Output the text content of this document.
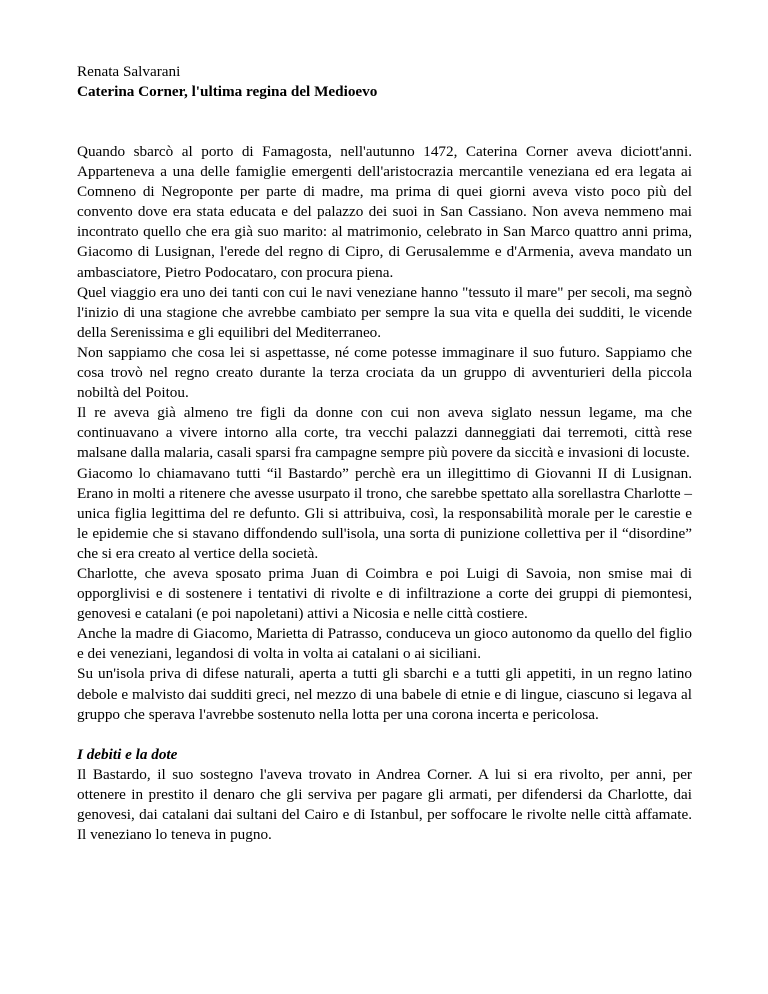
Renata Salvarani

Caterina Corner, l'ultima regina del Medioevo

Quando sbarcò al porto di Famagosta, nell'autunno 1472, Caterina Corner aveva diciott'anni. Apparteneva a una delle famiglie emergenti dell'aristocrazia mercantile veneziana ed era legata ai Comneno di Negroponte per parte di madre, ma prima di quei giorni aveva visto poco più del convento dove era stata educata e del palazzo dei suoi in San Cassiano. Non aveva nemmeno mai incontrato quello che era già suo marito: al matrimonio, celebrato in San Marco quattro anni prima, Giacomo di Lusignan, l'erede del regno di Cipro, di Gerusalemme e d'Armenia, aveva mandato un ambasciatore, Pietro Podocataro, con procura piena.

Quel viaggio era uno dei tanti con cui le navi veneziane hanno "tessuto il mare" per secoli, ma segnò l'inizio di una stagione che avrebbe cambiato per sempre la sua vita e quella dei sudditi, le vicende della Serenissima e gli equilibri del Mediterraneo.

Non sappiamo che cosa lei si aspettasse, né come potesse immaginare il suo futuro. Sappiamo che cosa trovò nel regno creato durante la terza crociata da un gruppo di avventurieri della piccola nobiltà del Poitou.

Il re aveva già almeno tre figli da donne con cui non aveva siglato nessun legame, ma che continuavano a vivere intorno alla corte, tra vecchi palazzi danneggiati dai terremoti, città rese malsane dalla malaria, casali sparsi fra campagne sempre più povere da siccità e invasioni di locuste.

Giacomo lo chiamavano tutti “il Bastardo” perchè era un illegittimo di Giovanni II di Lusignan. Erano in molti a ritenere che avesse usurpato il trono, che sarebbe spettato alla sorellastra Charlotte – unica figlia legittima del re defunto. Gli si attribuiva, così, la responsabilità morale per le carestie e le epidemie che si stavano diffondendo sull'isola, una sorta di punizione collettiva per il “disordine” che si era creato al vertice della società.

Charlotte, che aveva sposato prima Juan di Coimbra e poi Luigi di Savoia, non smise mai di opporglivisi e di sostenere i tentativi di rivolte e di infiltrazione a corte dei gruppi di piemontesi, genovesi e catalani (e poi napoletani) attivi a Nicosia e nelle città costiere.

Anche la madre di Giacomo, Marietta di Patrasso, conduceva un gioco autonomo da quello del figlio e dei veneziani, legandosi di volta in volta ai catalani o ai siciliani.

Su un'isola priva di difese naturali, aperta a tutti gli sbarchi e a tutti gli appetiti, in un regno latino debole e malvisto dai sudditi greci, nel mezzo di una babele di etnie e di lingue, ciascuno si legava al gruppo che sperava l'avrebbe sostenuto nella lotta per una corona incerta e pericolosa.

I debiti e la dote

Il Bastardo, il suo sostegno l'aveva trovato in Andrea Corner. A lui si era rivolto, per anni, per ottenere in prestito il denaro che gli serviva per pagare gli armati, per difendersi da Charlotte, dai genovesi, dai catalani dai sultani del Cairo e di Istanbul, per soffocare le rivolte nelle città affamate. Il veneziano lo teneva in pugno.
